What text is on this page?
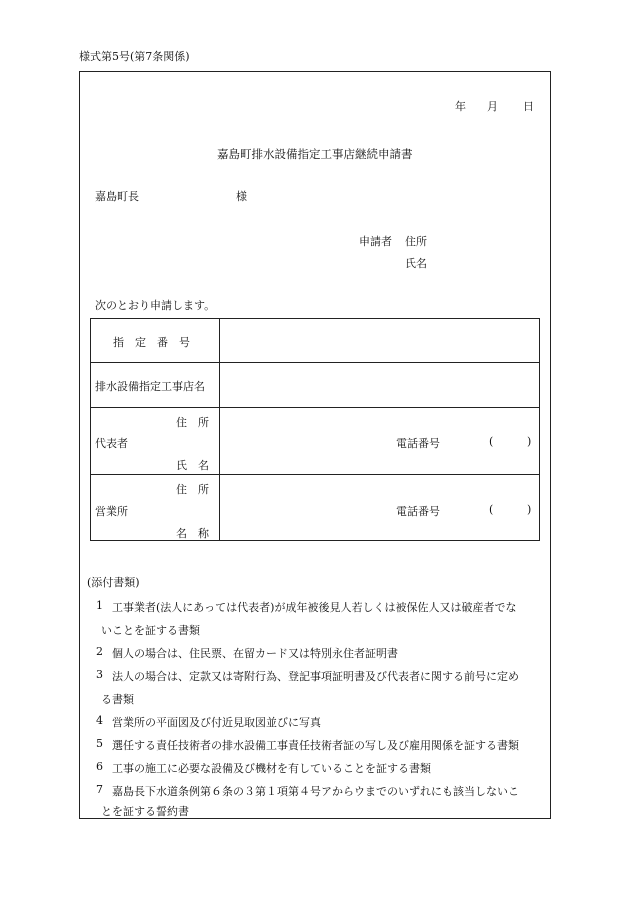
様式第5号(第7条関係)
年 月 日
嘉島町排水設備指定工事店継続申請書
嘉島町長	様
申請者 住所
氏名
次のとおり申請します。
指　定　番　号
排水設備指定工事店名
住　所
代表者
氏　名
電話番号	(	)
住　所
営業所
名　称
電話番号	(	)
(添付書類)
1 工事業者(法人にあっては代表者)が成年被後見人若しくは被保佐人又は破産者でな
いことを証する書類
2 個人の場合は、住民票、在留カード又は特別永住者証明書
3 法人の場合は、定款又は寄附行為、登記事項証明書及び代表者に関する前号に定め
る書類
4 営業所の平面図及び付近見取図並びに写真
5 選任する責任技術者の排水設備工事責任技術者証の写し及び雇用関係を証する書類
6 工事の施工に必要な設備及び機材を有していることを証する書類
7 嘉島長下水道条例第６条の３第１項第４号アからウまでのいずれにも該当しないこ
とを証する誓約書
